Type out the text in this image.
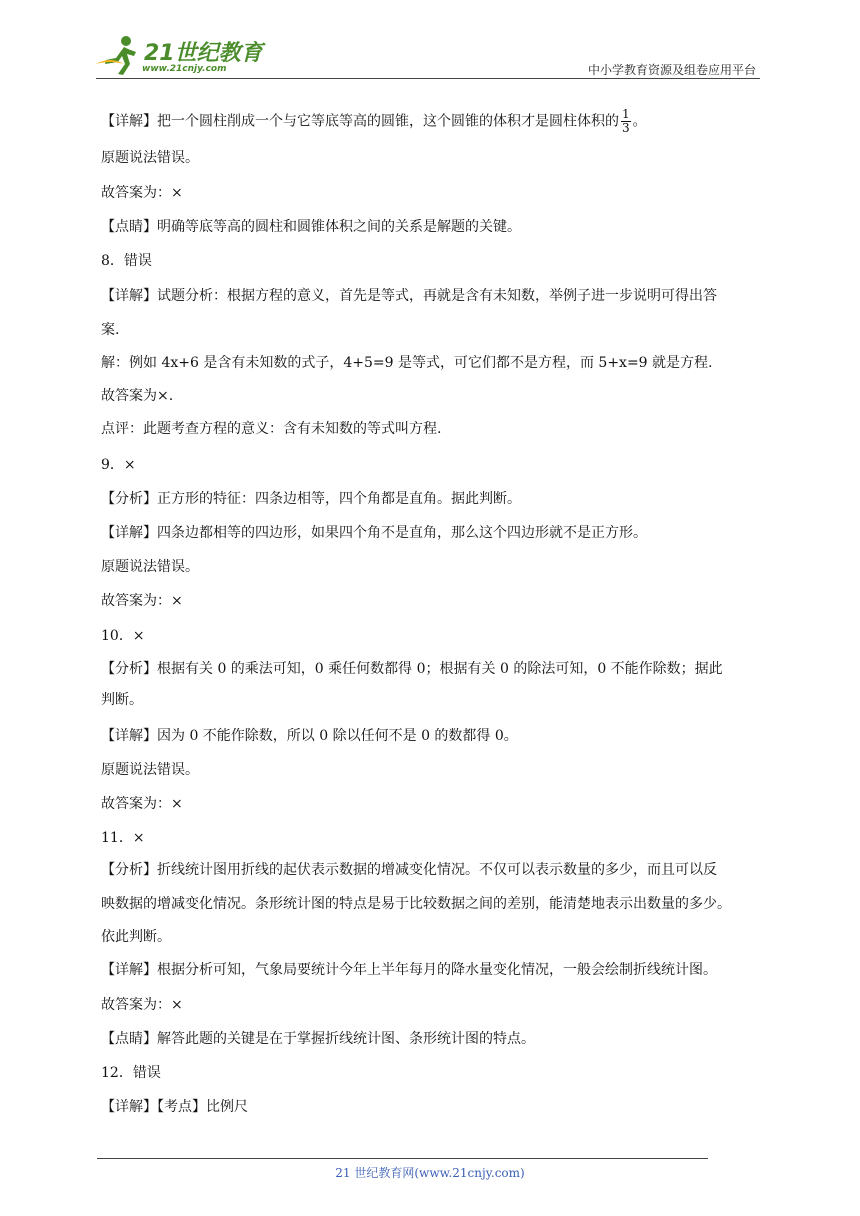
21世纪教育
www.21cnjy.com	中小学教育资源及组卷应用平台

【详解】把一个圆柱削成一个与它等底等高的圆锥，这个圆锥的体积才是圆柱体积的 $\frac{1}{3}$ 。

原题说法错误。

故答案为：×

【点睛】明确等底等高的圆柱和圆锥体积之间的关系是解题的关键。

8．错误

【详解】试题分析：根据方程的意义，首先是等式，再就是含有未知数，举例子进一步说明可得出答

案.

解：例如 4x+6 是含有未知数的式子，4+5=9 是等式，可它们都不是方程，而 5+x=9 就是方程.

故答案为×.

点评：此题考查方程的意义：含有未知数的等式叫方程.

9．×

【分析】正方形的特征：四条边相等，四个角都是直角。据此判断。

【详解】四条边都相等的四边形，如果四个角不是直角，那么这个四边形就不是正方形。

原题说法错误。

故答案为：×

10．×

【分析】根据有关 0 的乘法可知，0 乘任何数都得 0；根据有关 0 的除法可知，0 不能作除数；据此

判断。

【详解】因为 0 不能作除数，所以 0 除以任何不是 0 的数都得 0。

原题说法错误。

故答案为：×

11．×

【分析】折线统计图用折线的起伏表示数据的增减变化情况。不仅可以表示数量的多少，而且可以反

映数据的增减变化情况。条形统计图的特点是易于比较数据之间的差别，能清楚地表示出数量的多少。

依此判断。

【详解】根据分析可知，气象局要统计今年上半年每月的降水量变化情况，一般会绘制折线统计图。

故答案为：×

【点睛】解答此题的关键是在于掌握折线统计图、条形统计图的特点。

12．错误

【详解】【考点】比例尺

21 世纪教育网(www.21cnjy.com)
